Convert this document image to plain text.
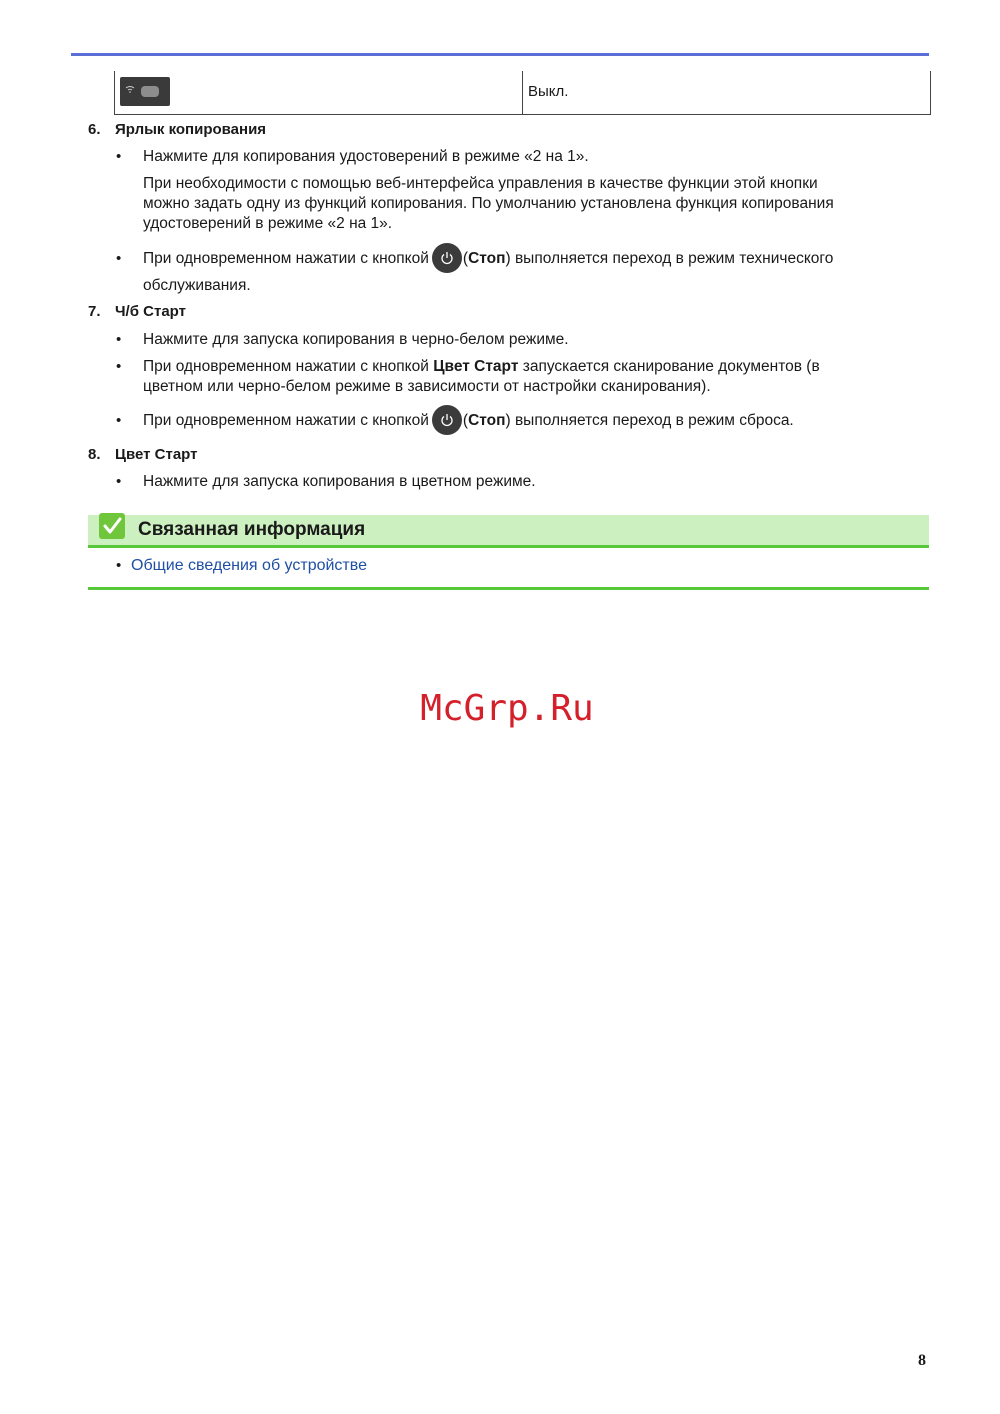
Выкл.
6. Ярлык копирования
• Нажмите для копирования удостоверений в режиме «2 на 1».
При необходимости с помощью веб-интерфейса управления в качестве функции этой кнопки
можно задать одну из функций копирования. По умолчанию установлена функция копирования
удостоверений в режиме «2 на 1».
• При одновременном нажатии с кнопкой (Стоп) выполняется переход в режим технического
обслуживания.
7. Ч/б Старт
• Нажмите для запуска копирования в черно-белом режиме.
• При одновременном нажатии с кнопкой Цвет Старт запускается сканирование документов (в
цветном или черно-белом режиме в зависимости от настройки сканирования).
• При одновременном нажатии с кнопкой (Стоп) выполняется переход в режим сброса.
8. Цвет Старт
• Нажмите для запуска копирования в цветном режиме.
Связанная информация
• Общие сведения об устройстве
McGrp.Ru
8
